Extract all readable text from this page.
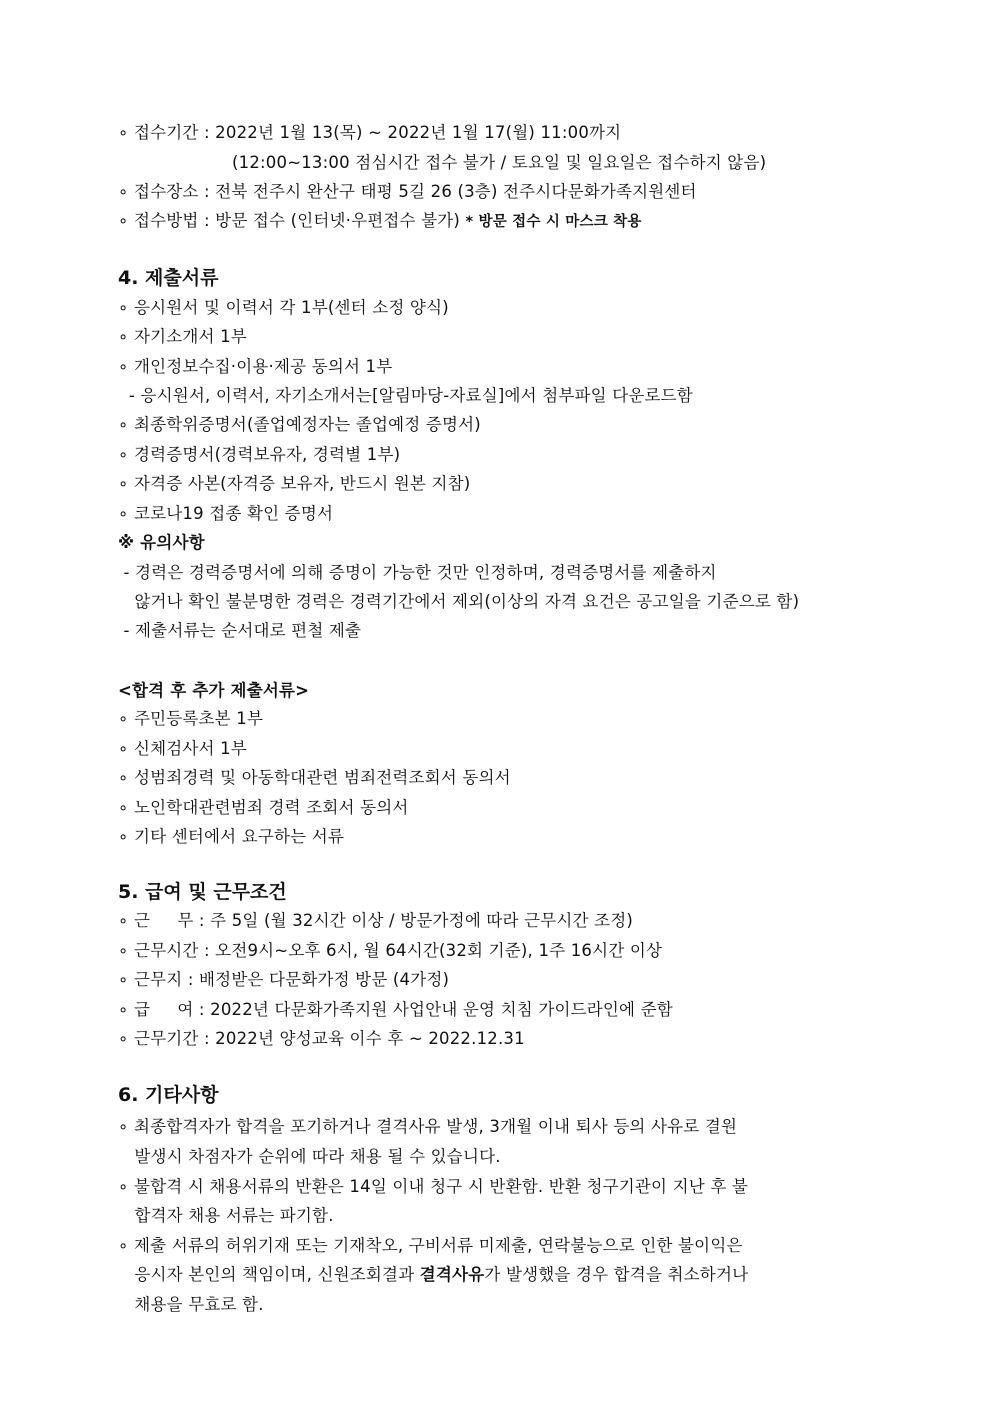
∘ 접수기간 : 2022년 1월 13(목) ~ 2022년 1월 17(월) 11:00까지
(12:00~13:00 점심시간 접수 불가 / 토요일 및 일요일은 접수하지 않음)
∘ 접수장소 : 전북 전주시 완산구 태평 5길 26 (3층) 전주시다문화가족지원센터
∘ 접수방법 : 방문 접수 (인터넷·우편접수 불가) * 방문 접수 시 마스크 착용
4. 제출서류
∘ 응시원서 및 이력서 각 1부(센터 소정 양식)
∘ 자기소개서 1부
∘ 개인정보수집·이용·제공 동의서 1부
- 응시원서, 이력서, 자기소개서는[알림마당-자료실]에서 첨부파일 다운로드함
∘ 최종학위증명서(졸업예정자는 졸업예정 증명서)
∘ 경력증명서(경력보유자, 경력별 1부)
∘ 자격증 사본(자격증 보유자, 반드시 원본 지참)
∘ 코로나19 접종 확인 증명서
※ 유의사항
- 경력은 경력증명서에 의해 증명이 가능한 것만 인정하며, 경력증명서를 제출하지
않거나 확인 불분명한 경력은 경력기간에서 제외(이상의 자격 요건은 공고일을 기준으로 함)
- 제출서류는 순서대로 편철 제출
<합격 후 추가 제출서류>
∘ 주민등록초본 1부
∘ 신체검사서 1부
∘ 성범죄경력 및 아동학대관련 범죄전력조회서 동의서
∘ 노인학대관련범죄 경력 조회서 동의서
∘ 기타 센터에서 요구하는 서류
5. 급여 및 근무조건
∘ 근     무 : 주 5일 (월 32시간 이상 / 방문가정에 따라 근무시간 조정)
∘ 근무시간 : 오전9시~오후 6시, 월 64시간(32회 기준), 1주 16시간 이상
∘ 근무지 : 배정받은 다문화가정 방문 (4가정)
∘ 급     여 : 2022년 다문화가족지원 사업안내 운영 치침 가이드라인에 준함
∘ 근무기간 : 2022년 양성교육 이수 후 ~ 2022.12.31
6. 기타사항
∘ 최종합격자가 합격을 포기하거나 결격사유 발생, 3개월 이내 퇴사 등의 사유로 결원
발생시 차점자가 순위에 따라 채용 될 수 있습니다.
∘ 불합격 시 채용서류의 반환은 14일 이내 청구 시 반환함. 반환 청구기관이 지난 후 불
합격자 채용 서류는 파기함.
∘ 제출 서류의 허위기재 또는 기재착오, 구비서류 미제출, 연락불능으로 인한 불이익은
응시자 본인의 책임이며, 신원조회결과 결격사유가 발생했을 경우 합격을 취소하거나
채용을 무효로 함.
